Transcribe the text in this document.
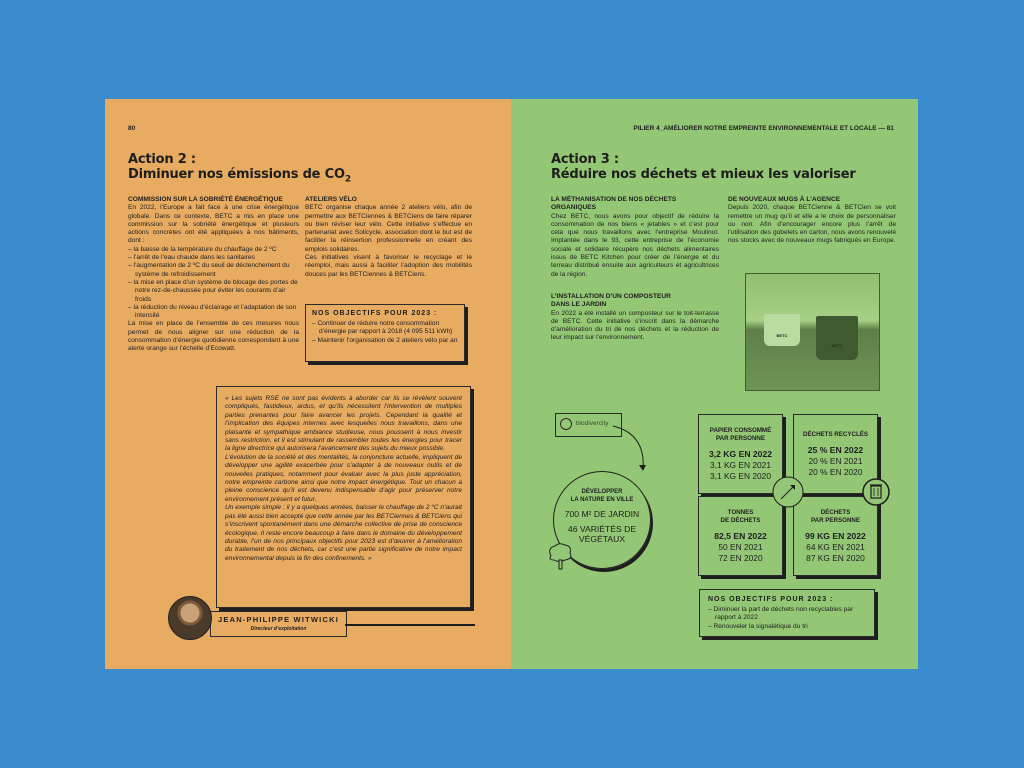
80
Action 2 :
Diminuer nos émissions de $CO_2$
COMMISSION SUR LA SOBRIÉTÉ ÉNERGÉTIQUE

En 2022, l’Europe a fait face à une crise énergétique globale. Dans ce contexte, BETC a mis en place une commission sur la sobriété énergétique et plusieurs actions concrètes ont été appliquées à nos bâtiments, dont :

– la baisse de la température du chauffage de 2 ºC
– l’arrêt de l’eau chaude dans les sanitaires
– l’augmentation de 2 ºC du seuil de déclenchement du système de refroidissement
– la mise en place d’un système de blocage des portes de notre rez-de-chaussée pour éviter les courants d’air froids
– la réduction du niveau d’éclairage et l’adaptation de son intensité

La mise en place de l’ensemble de ces mesures nous permet de nous aligner sur une réduction de la consommation d’énergie quotidienne correspondant à une alerte orange sur l’échelle d’Ecowatt.

ATELIERS VÉLO

BETC organise chaque année 2 ateliers vélo, afin de permettre aux BETCiennes & BETCiens de faire réparer ou bien réviser leur vélo. Cette initiative s’effectue en partenariat avec Solicycle, association dont le but est de faciliter la réinsertion professionnelle en créant des emplois solidaires.

Ces initiatives visent à favoriser le recyclage et le réemploi, mais aussi à faciliter l’adoption des mobilités douces par les BETCiennes & BETCiens.

NOS OBJECTIFS POUR 2023 :
– Continuer de réduire notre consommation d’énergie par rapport à 2018 (4 095 511 kWh)
– Maintenir l’organisation de 2 ateliers vélo par an

« Les sujets RSE ne sont pas évidents à aborder car ils se révèlent souvent compliqués, fastidieux, ardus, et qu’ils nécessitent l’intervention de multiples parties prenantes pour faire avancer les projets. Cependant la qualité et l’implication des équipes internes avec lesquelles nous travaillons, dans une plaisante et sympathique ambiance studieuse, nous poussent à nous investir sans restriction, et il est stimulant de rassembler toutes les énergies pour tracer la ligne directrice qui autorisera l’avancement des sujets du mieux possible.

L’évolution de la société et des mentalités, la conjoncture actuelle, impliquent de développer une agilité exacerbée pour s’adapter à de nouveaux outils et de nouvelles pratiques, notamment pour évaluer avec la plus juste appréciation, notre empreinte carbone ainsi que notre impact énergétique. Tout un chacun a pleine conscience qu’il est devenu indispensable d’agir pour préserver notre environnement présent et futur.

Un exemple simple : il y a quelques années, baisser le chauffage de 2 ºC n’aurait pas été aussi bien accepté que cette année par les BETCiennes & BETCiens qui s’inscrivent spontanément dans une démarche collective de prise de conscience écologique. Il reste encore beaucoup à faire dans le domaine du développement durable, l’un de nos principaux objectifs pour 2023 est d’œuvrer à l’amélioration du traitement de nos déchets, car c’est une partie significative de notre impact environnemental depuis la fin des confinements. »

JEAN-PHILIPPE WITWICKI
Directeur d’exploitation
PILIER 4_AMÉLIORER NOTRE EMPREINTE ENVIRONNEMENTALE ET LOCALE — 81
Action 3 :
Réduire nos déchets et mieux les valoriser
LA MÉTHANISATION DE NOS DÉCHETS ORGANIQUES

Chez BETC, nous avons pour objectif de réduire la consommation de nos biens « jetables » et c’est pour cela que nous travaillons avec l’entreprise Moulinot. Implantée dans le 93, cette entreprise de l’économie sociale et solidaire récupère nos déchets alimentaires issus de BETC Kitchen pour créer de l’énergie et du terreau distribué ensuite aux agriculteurs et agricultrices de la région.

L’INSTALLATION D’UN COMPOSTEUR
DANS LE JARDIN

En 2022 a été installé un composteur sur le toit-terrasse de BETC. Cette initiative s’inscrit dans la démarche d’amélioration du tri de nos déchets et la réduction de leur impact sur l’environnement.

DE NOUVEAUX MUGS À L’AGENCE

Depuis 2020, chaque BETCienne & BETCien se voit remettre un mug qu’il et elle a le choix de personnaliser ou non. Afin d’encourager encore plus l’arrêt de l’utilisation des gobelets en carton, nous avons renouvelé nos stocks avec de nouveaux mugs fabriqués en Europe.

BETC
BETC
biodivercity
DÉVELOPPER
LA NATURE EN VILLE
700 M² DE JARDIN
46 VARIÉTÉS DE
VÉGÉTAUX
PAPIER CONSOMMÉ
PAR PERSONNE
3,2 KG EN 2022
3,1 KG EN 2021
3,1 KG EN 2020
DÉCHETS RECYCLÉS
25 % EN 2022
20 % EN 2021
20 % EN 2020
TONNES
DE DÉCHETS
82,5 EN 2022
50 EN 2021
72 EN 2020
DÉCHETS
PAR PERSONNE
99 KG EN 2022
64 KG EN 2021
87 KG EN 2020
NOS OBJECTIFS POUR 2023 :
– Diminuer la part de déchets non recyclables par rapport à 2022
– Renouveler la signalétique du tri
